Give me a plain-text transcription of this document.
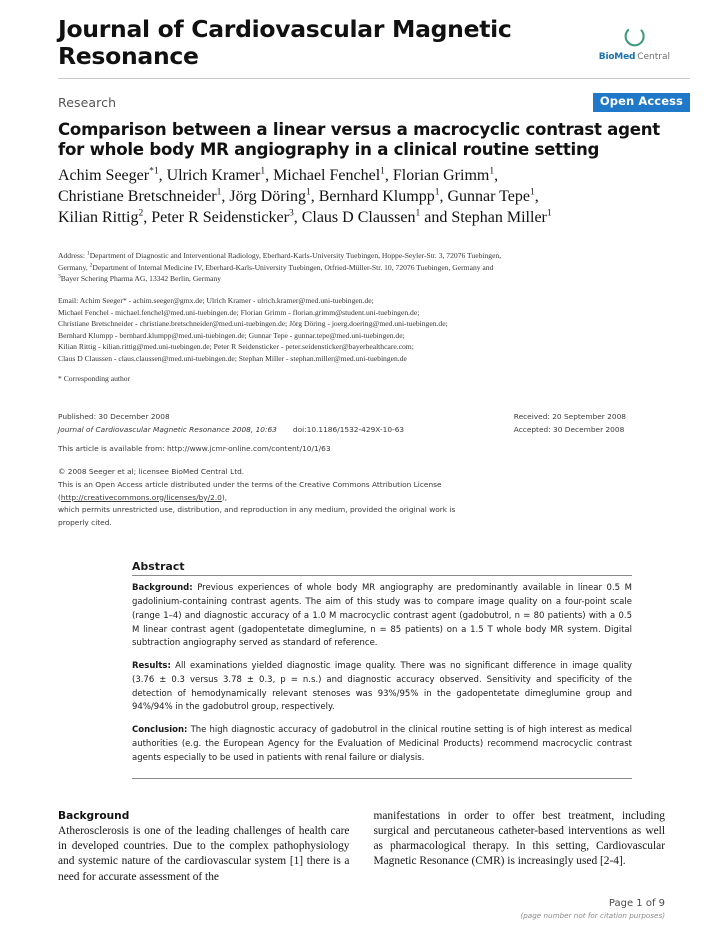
Journal of Cardiovascular Magnetic Resonance	BioMed Central
Research	Open Access
Comparison between a linear versus a macrocyclic contrast agent for whole body MR angiography in a clinical routine setting
Achim Seeger$^{*1}$, Ulrich Kramer$^1$, Michael Fenchel$^1$, Florian Grimm$^1$,
Christiane Bretschneider$^1$, Jörg Döring$^1$, Bernhard Klumpp$^1$, Gunnar Tepe$^1$,
Kilian Rittig$^2$, Peter R Seidensticker$^3$, Claus D Claussen$^1$ and Stephan Miller$^1$
Address: $^1$Department of Diagnostic and Interventional Radiology, Eberhard-Karls-University Tuebingen, Hoppe-Seyler-Str. 3, 72076 Tuebingen,
Germany, $^2$Department of Internal Medicine IV, Eberhard-Karls-University Tuebingen, Otfried-Müller-Str. 10, 72076 Tuebingen, Germany and
$^3$Bayer Schering Pharma AG, 13342 Berlin, Germany
Email: Achim Seeger* - achim.seeger@gmx.de; Ulrich Kramer - ulrich.kramer@med.uni-tuebingen.de;
Michael Fenchel - michael.fenchel@med.uni-tuebingen.de; Florian Grimm - florian.grimm@student.uni-tuebingen.de;
Christiane Bretschneider - christiane.bretschneider@med.uni-tuebingen.de; Jörg Döring - joerg.doering@med.uni-tuebingen.de;
Bernhard Klumpp - bernhard.klumpp@med.uni-tuebingen.de; Gunnar Tepe - gunnar.tepe@med.uni-tuebingen.de;
Kilian Rittig - kilian.rittig@med.uni-tuebingen.de; Peter R Seidensticker - peter.seidensticker@bayerhealthcare.com;
Claus D Claussen - claus.claussen@med.uni-tuebingen.de; Stephan Miller - stephan.miller@med.uni-tuebingen.de
* Corresponding author
Published: 30 December 2008
Journal of Cardiovascular Magnetic Resonance 2008, 10:63 doi:10.1186/1532-429X-10-63
This article is available from: http://www.jcmr-online.com/content/10/1/63
© 2008 Seeger et al; licensee BioMed Central Ltd.
This is an Open Access article distributed under the terms of the Creative Commons Attribution License (http://creativecommons.org/licenses/by/2.0),
which permits unrestricted use, distribution, and reproduction in any medium, provided the original work is properly cited.
Received: 20 September 2008
Accepted: 30 December 2008
Abstract

Background: Previous experiences of whole body MR angiography are predominantly available in linear 0.5 M gadolinium-containing contrast agents. The aim of this study was to compare image quality on a four-point scale (range 1–4) and diagnostic accuracy of a 1.0 M macrocyclic contrast agent (gadobutrol, n = 80 patients) with a 0.5 M linear contrast agent (gadopentetate dimeglumine, n = 85 patients) on a 1.5 T whole body MR system. Digital subtraction angiography served as standard of reference.

Results: All examinations yielded diagnostic image quality. There was no significant difference in image quality (3.76 ± 0.3 versus 3.78 ± 0.3, p = n.s.) and diagnostic accuracy observed. Sensitivity and specificity of the detection of hemodynamically relevant stenoses was 93%/95% in the gadopentetate dimeglumine group and 94%/94% in the gadobutrol group, respectively.

Conclusion: The high diagnostic accuracy of gadobutrol in the clinical routine setting is of high interest as medical authorities (e.g. the European Agency for the Evaluation of Medicinal Products) recommend macrocyclic contrast agents especially to be used in patients with renal failure or dialysis.

Background

Atherosclerosis is one of the leading challenges of health care in developed countries. Due to the complex pathophysiology and systemic nature of the cardiovascular system [1] there is a need for accurate assessment of the

manifestations in order to offer best treatment, including surgical and percutaneous catheter-based interventions as well as pharmacological therapy. In this setting, Cardiovascular Magnetic Resonance (CMR) is increasingly used [2-4].

Page 1 of 9
(page number not for citation purposes)
